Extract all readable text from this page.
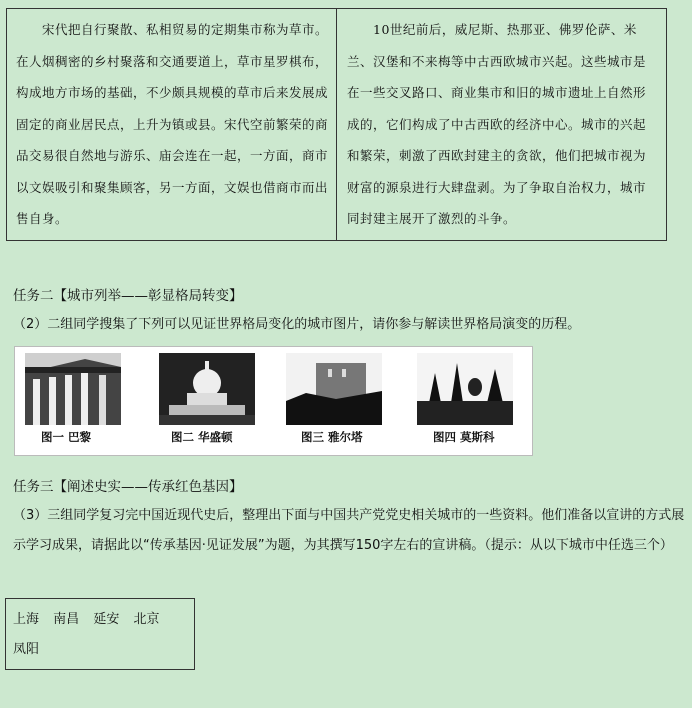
宋代把自行聚散、私相贸易的定期集市称为草市。在人烟稠密的乡村聚落和交通要道上，草市星罗棋布，构成地方市场的基础，不少颇具规模的草市后来发展成固定的商业居民点，上升为镇或县。宋代空前繁荣的商品交易很自然地与游乐、庙会连在一起，一方面，商市以文娱吸引和聚集顾客，另一方面，文娱也借商市而出售自身。
10世纪前后，威尼斯、热那亚、佛罗伦萨、米兰、汉堡和不来梅等中古西欧城市兴起。这些城市是在一些交叉路口、商业集市和旧的城市遗址上自然形成的，它们构成了中古西欧的经济中心。城市的兴起和繁荣，刺激了西欧封建主的贪欲，他们把城市视为财富的源泉进行大肆盘剥。为了争取自治权力，城市同封建主展开了激烈的斗争。
任务二【城市列举——彰显格局转变】
（2）二组同学搜集了下列可以见证世界格局变化的城市图片，请你参与解读世界格局演变的历程。
图一 巴黎	图二 华盛顿	图三 雅尔塔	图四 莫斯科
任务三【阐述史实——传承红色基因】
（3）三组同学复习完中国近现代史后，整理出下面与中国共产党党史相关城市的一些资料。他们准备以宣讲的方式展示学习成果，请据此以“传承基因·见证发展”为题，为其撰写150字左右的宣讲稿。（提示：从以下城市中任选三个）
上海 南昌 延安 北京
凤阳
